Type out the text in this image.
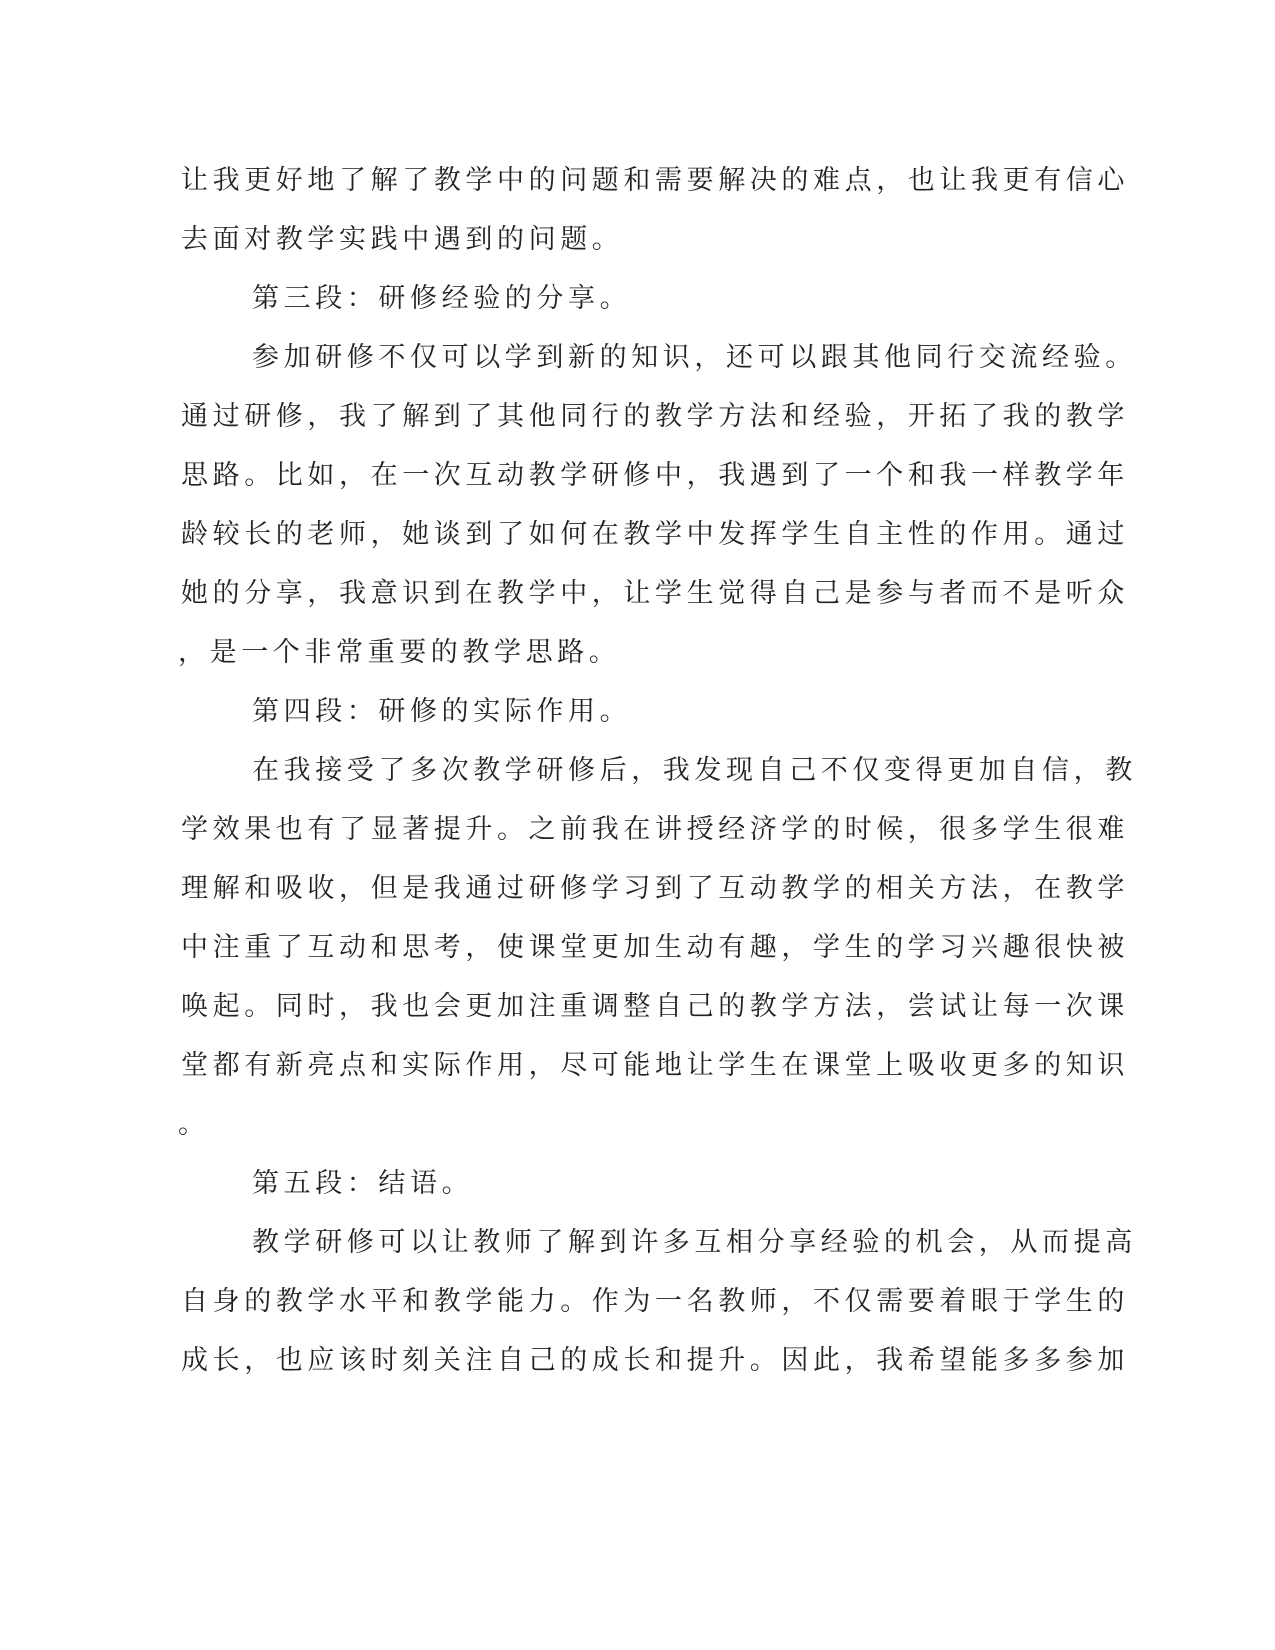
让我更好地了解了教学中的问题和需要解决的难点，也让我更有信心
去面对教学实践中遇到的问题。
第三段：研修经验的分享。
参加研修不仅可以学到新的知识，还可以跟其他同行交流经验。
通过研修，我了解到了其他同行的教学方法和经验，开拓了我的教学
思路。比如，在一次互动教学研修中，我遇到了一个和我一样教学年
龄较长的老师，她谈到了如何在教学中发挥学生自主性的作用。通过
她的分享，我意识到在教学中，让学生觉得自己是参与者而不是听众
，是一个非常重要的教学思路。
第四段：研修的实际作用。
在我接受了多次教学研修后，我发现自己不仅变得更加自信，教
学效果也有了显著提升。之前我在讲授经济学的时候，很多学生很难
理解和吸收，但是我通过研修学习到了互动教学的相关方法，在教学
中注重了互动和思考，使课堂更加生动有趣，学生的学习兴趣很快被
唤起。同时，我也会更加注重调整自己的教学方法，尝试让每一次课
堂都有新亮点和实际作用，尽可能地让学生在课堂上吸收更多的知识
。
第五段：结语。
教学研修可以让教师了解到许多互相分享经验的机会，从而提高
自身的教学水平和教学能力。作为一名教师，不仅需要着眼于学生的
成长，也应该时刻关注自己的成长和提升。因此，我希望能多多参加
